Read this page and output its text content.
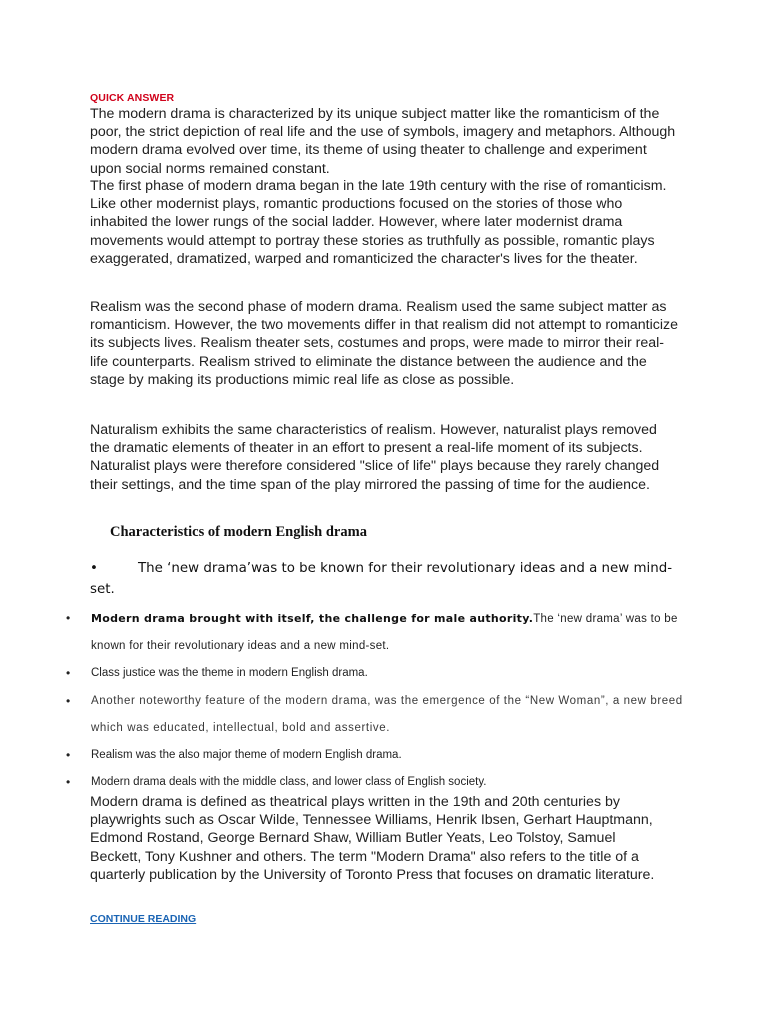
QUICK ANSWER

The modern drama is characterized by its unique subject matter like the romanticism of the poor, the strict depiction of real life and the use of symbols, imagery and metaphors. Although modern drama evolved over time, its theme of using theater to challenge and experiment upon social norms remained constant.

The first phase of modern drama began in the late 19th century with the rise of romanticism. Like other modernist plays, romantic productions focused on the stories of those who inhabited the lower rungs of the social ladder. However, where later modernist drama movements would attempt to portray these stories as truthfully as possible, romantic plays exaggerated, dramatized, warped and romanticized the character's lives for the theater.

Realism was the second phase of modern drama. Realism used the same subject matter as romanticism. However, the two movements differ in that realism did not attempt to romanticize its subjects lives. Realism theater sets, costumes and props, were made to mirror their real-life counterparts. Realism strived to eliminate the distance between the audience and the stage by making its productions mimic real life as close as possible.

Naturalism exhibits the same characteristics of realism. However, naturalist plays removed the dramatic elements of theater in an effort to present a real-life moment of its subjects. Naturalist plays were therefore considered "slice of life" plays because they rarely changed their settings, and the time span of the play mirrored the passing of time for the audience.

Characteristics of modern English drama
•	The ‘new drama’was to be known for their revolutionary ideas and a new mind-set.
• Modern drama brought with itself, the challenge for male authority.The ‘new drama’ was to be known for their revolutionary ideas and a new mind-set.
• Class justice was the theme in modern English drama.
• Another noteworthy feature of the modern drama, was the emergence of the “New Woman”, a new breed which was educated, intellectual, bold and assertive.
• Realism was the also major theme of modern English drama.
• Modern drama deals with the middle class, and lower class of English society.

Modern drama is defined as theatrical plays written in the 19th and 20th centuries by playwrights such as Oscar Wilde, Tennessee Williams, Henrik Ibsen, Gerhart Hauptmann, Edmond Rostand, George Bernard Shaw, William Butler Yeats, Leo Tolstoy, Samuel Beckett, Tony Kushner and others. The term "Modern Drama" also refers to the title of a quarterly publication by the University of Toronto Press that focuses on dramatic literature.

CONTINUE READING
